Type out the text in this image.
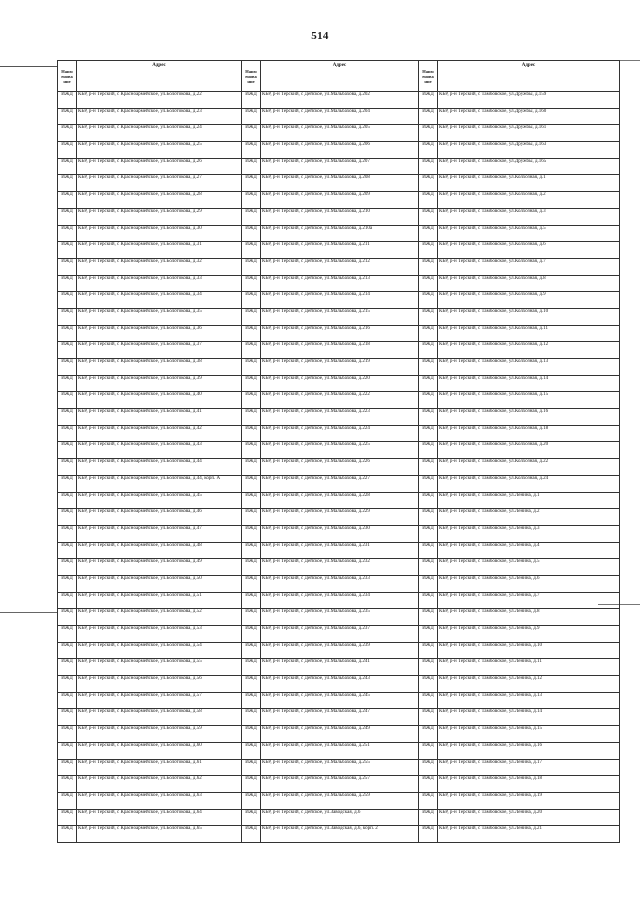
514
Наим енова ние	Адрес	Наим енова ние	Адрес	Наим енова ние	Адрес
ИЖД	КБР, р-н Терский, с Красноармейское, ул.Болотокова, д.22	ИЖД	КБР, р-н Терский, с Дейское, ул.Мальбахова, д.202	ИЖД	КБР, р-н Терский, с Тамбовское, ул.Дружбы, д.159
ИЖД	КБР, р-н Терский, с Красноармейское, ул.Болотокова, д.23	ИЖД	КБР, р-н Терский, с Дейское, ул.Мальбахова, д.204	ИЖД	КБР, р-н Терский, с Тамбовское, ул.Дружбы, д.160
ИЖД	КБР, р-н Терский, с Красноармейское, ул.Болотокова, д.24	ИЖД	КБР, р-н Терский, с Дейское, ул.Мальбахова, д.205	ИЖД	КБР, р-н Терский, с Тамбовское, ул.Дружбы, д.161
ИЖД	КБР, р-н Терский, с Красноармейское, ул.Болотокова, д.25	ИЖД	КБР, р-н Терский, с Дейское, ул.Мальбахова, д.206	ИЖД	КБР, р-н Терский, с Тамбовское, ул.Дружбы, д.163
ИЖД	КБР, р-н Терский, с Красноармейское, ул.Болотокова, д.26	ИЖД	КБР, р-н Терский, с Дейское, ул.Мальбахова, д.207	ИЖД	КБР, р-н Терский, с Тамбовское, ул.Дружбы, д.165
ИЖД	КБР, р-н Терский, с Красноармейское, ул.Болотокова, д.27	ИЖД	КБР, р-н Терский, с Дейское, ул.Мальбахова, д.208	ИЖД	КБР, р-н Терский, с Тамбовское, ул.Колхозная, д.1
ИЖД	КБР, р-н Терский, с Красноармейское, ул.Болотокова, д.28	ИЖД	КБР, р-н Терский, с Дейское, ул.Мальбахова, д.209	ИЖД	КБР, р-н Терский, с Тамбовское, ул.Колхозная, д.2
ИЖД	КБР, р-н Терский, с Красноармейское, ул.Болотокова, д.29	ИЖД	КБР, р-н Терский, с Дейское, ул.Мальбахова, д.210	ИЖД	КБР, р-н Терский, с Тамбовское, ул.Колхозная, д.3
ИЖД	КБР, р-н Терский, с Красноармейское, ул.Болотокова, д.30	ИЖД	КБР, р-н Терский, с Дейское, ул.Мальбахова, д.210а	ИЖД	КБР, р-н Терский, с Тамбовское, ул.Колхозная, д.5
ИЖД	КБР, р-н Терский, с Красноармейское, ул.Болотокова, д.31	ИЖД	КБР, р-н Терский, с Дейское, ул.Мальбахова, д.211	ИЖД	КБР, р-н Терский, с Тамбовское, ул.Колхозная, д.6
ИЖД	КБР, р-н Терский, с Красноармейское, ул.Болотокова, д.32	ИЖД	КБР, р-н Терский, с Дейское, ул.Мальбахова, д.212	ИЖД	КБР, р-н Терский, с Тамбовское, ул.Колхозная, д.7
ИЖД	КБР, р-н Терский, с Красноармейское, ул.Болотокова, д.33	ИЖД	КБР, р-н Терский, с Дейское, ул.Мальбахова, д.213	ИЖД	КБР, р-н Терский, с Тамбовское, ул.Колхозная, д.8
ИЖД	КБР, р-н Терский, с Красноармейское, ул.Болотокова, д.34	ИЖД	КБР, р-н Терский, с Дейское, ул.Мальбахова, д.214	ИЖД	КБР, р-н Терский, с Тамбовское, ул.Колхозная, д.9
ИЖД	КБР, р-н Терский, с Красноармейское, ул.Болотокова, д.35	ИЖД	КБР, р-н Терский, с Дейское, ул.Мальбахова, д.215	ИЖД	КБР, р-н Терский, с Тамбовское, ул.Колхозная, д.10
ИЖД	КБР, р-н Терский, с Красноармейское, ул.Болотокова, д.36	ИЖД	КБР, р-н Терский, с Дейское, ул.Мальбахова, д.216	ИЖД	КБР, р-н Терский, с Тамбовское, ул.Колхозная, д.11
ИЖД	КБР, р-н Терский, с Красноармейское, ул.Болотокова, д.37	ИЖД	КБР, р-н Терский, с Дейское, ул.Мальбахова, д.218	ИЖД	КБР, р-н Терский, с Тамбовское, ул.Колхозная, д.12
ИЖД	КБР, р-н Терский, с Красноармейское, ул.Болотокова, д.38	ИЖД	КБР, р-н Терский, с Дейское, ул.Мальбахова, д.219	ИЖД	КБР, р-н Терский, с Тамбовское, ул.Колхозная, д.13
ИЖД	КБР, р-н Терский, с Красноармейское, ул.Болотокова, д.39	ИЖД	КБР, р-н Терский, с Дейское, ул.Мальбахова, д.220	ИЖД	КБР, р-н Терский, с Тамбовское, ул.Колхозная, д.14
ИЖД	КБР, р-н Терский, с Красноармейское, ул.Болотокова, д.40	ИЖД	КБР, р-н Терский, с Дейское, ул.Мальбахова, д.222	ИЖД	КБР, р-н Терский, с Тамбовское, ул.Колхозная, д.15
ИЖД	КБР, р-н Терский, с Красноармейское, ул.Болотокова, д.41	ИЖД	КБР, р-н Терский, с Дейское, ул.Мальбахова, д.223	ИЖД	КБР, р-н Терский, с Тамбовское, ул.Колхозная, д.16
ИЖД	КБР, р-н Терский, с Красноармейское, ул.Болотокова, д.42	ИЖД	КБР, р-н Терский, с Дейское, ул.Мальбахова, д.224	ИЖД	КБР, р-н Терский, с Тамбовское, ул.Колхозная, д.18
ИЖД	КБР, р-н Терский, с Красноармейское, ул.Болотокова, д.43	ИЖД	КБР, р-н Терский, с Дейское, ул.Мальбахова, д.225	ИЖД	КБР, р-н Терский, с Тамбовское, ул.Колхозная, д.20
ИЖД	КБР, р-н Терский, с Красноармейское, ул.Болотокова, д.44	ИЖД	КБР, р-н Терский, с Дейское, ул.Мальбахова, д.226	ИЖД	КБР, р-н Терский, с Тамбовское, ул.Колхозная, д.22
ИЖД	КБР, р-н Терский, с Красноармейское, ул.Болотокова, д.44, корп. А	ИЖД	КБР, р-н Терский, с Дейское, ул.Мальбахова, д.227	ИЖД	КБР, р-н Терский, с Тамбовское, ул.Колхозная, д.24
ИЖД	КБР, р-н Терский, с Красноармейское, ул.Болотокова, д.45	ИЖД	КБР, р-н Терский, с Дейское, ул.Мальбахова, д.228	ИЖД	КБР, р-н Терский, с Тамбовское, ул.Ленина, д.1
ИЖД	КБР, р-н Терский, с Красноармейское, ул.Болотокова, д.46	ИЖД	КБР, р-н Терский, с Дейское, ул.Мальбахова, д.229	ИЖД	КБР, р-н Терский, с Тамбовское, ул.Ленина, д.2
ИЖД	КБР, р-н Терский, с Красноармейское, ул.Болотокова, д.47	ИЖД	КБР, р-н Терский, с Дейское, ул.Мальбахова, д.230	ИЖД	КБР, р-н Терский, с Тамбовское, ул.Ленина, д.3
ИЖД	КБР, р-н Терский, с Красноармейское, ул.Болотокова, д.48	ИЖД	КБР, р-н Терский, с Дейское, ул.Мальбахова, д.231	ИЖД	КБР, р-н Терский, с Тамбовское, ул.Ленина, д.4
ИЖД	КБР, р-н Терский, с Красноармейское, ул.Болотокова, д.49	ИЖД	КБР, р-н Терский, с Дейское, ул.Мальбахова, д.232	ИЖД	КБР, р-н Терский, с Тамбовское, ул.Ленина, д.5
ИЖД	КБР, р-н Терский, с Красноармейское, ул.Болотокова, д.50	ИЖД	КБР, р-н Терский, с Дейское, ул.Мальбахова, д.233	ИЖД	КБР, р-н Терский, с Тамбовское, ул.Ленина, д.6
ИЖД	КБР, р-н Терский, с Красноармейское, ул.Болотокова, д.51	ИЖД	КБР, р-н Терский, с Дейское, ул.Мальбахова, д.234	ИЖД	КБР, р-н Терский, с Тамбовское, ул.Ленина, д.7
ИЖД	КБР, р-н Терский, с Красноармейское, ул.Болотокова, д.52	ИЖД	КБР, р-н Терский, с Дейское, ул.Мальбахова, д.235	ИЖД	КБР, р-н Терский, с Тамбовское, ул.Ленина, д.8
ИЖД	КБР, р-н Терский, с Красноармейское, ул.Болотокова, д.53	ИЖД	КБР, р-н Терский, с Дейское, ул.Мальбахова, д.237	ИЖД	КБР, р-н Терский, с Тамбовское, ул.Ленина, д.9
ИЖД	КБР, р-н Терский, с Красноармейское, ул.Болотокова, д.54	ИЖД	КБР, р-н Терский, с Дейское, ул.Мальбахова, д.239	ИЖД	КБР, р-н Терский, с Тамбовское, ул.Ленина, д.10
ИЖД	КБР, р-н Терский, с Красноармейское, ул.Болотокова, д.55	ИЖД	КБР, р-н Терский, с Дейское, ул.Мальбахова, д.241	ИЖД	КБР, р-н Терский, с Тамбовское, ул.Ленина, д.11
ИЖД	КБР, р-н Терский, с Красноармейское, ул.Болотокова, д.56	ИЖД	КБР, р-н Терский, с Дейское, ул.Мальбахова, д.243	ИЖД	КБР, р-н Терский, с Тамбовское, ул.Ленина, д.12
ИЖД	КБР, р-н Терский, с Красноармейское, ул.Болотокова, д.57	ИЖД	КБР, р-н Терский, с Дейское, ул.Мальбахова, д.245	ИЖД	КБР, р-н Терский, с Тамбовское, ул.Ленина, д.13
ИЖД	КБР, р-н Терский, с Красноармейское, ул.Болотокова, д.58	ИЖД	КБР, р-н Терский, с Дейское, ул.Мальбахова, д.247	ИЖД	КБР, р-н Терский, с Тамбовское, ул.Ленина, д.14
ИЖД	КБР, р-н Терский, с Красноармейское, ул.Болотокова, д.59	ИЖД	КБР, р-н Терский, с Дейское, ул.Мальбахова, д.249	ИЖД	КБР, р-н Терский, с Тамбовское, ул.Ленина, д.15
ИЖД	КБР, р-н Терский, с Красноармейское, ул.Болотокова, д.60	ИЖД	КБР, р-н Терский, с Дейское, ул.Мальбахова, д.251	ИЖД	КБР, р-н Терский, с Тамбовское, ул.Ленина, д.16
ИЖД	КБР, р-н Терский, с Красноармейское, ул.Болотокова, д.61	ИЖД	КБР, р-н Терский, с Дейское, ул.Мальбахова, д.255	ИЖД	КБР, р-н Терский, с Тамбовское, ул.Ленина, д.17
ИЖД	КБР, р-н Терский, с Красноармейское, ул.Болотокова, д.62	ИЖД	КБР, р-н Терский, с Дейское, ул.Мальбахова, д.257	ИЖД	КБР, р-н Терский, с Тамбовское, ул.Ленина, д.18
ИЖД	КБР, р-н Терский, с Красноармейское, ул.Болотокова, д.63	ИЖД	КБР, р-н Терский, с Дейское, ул.Мальбахова, д.259	ИЖД	КБР, р-н Терский, с Тамбовское, ул.Ленина, д.19
ИЖД	КБР, р-н Терский, с Красноармейское, ул.Болотокова, д.64	ИЖД	КБР, р-н Терский, с Дейское, ул.Заводская, д.6	ИЖД	КБР, р-н Терский, с Тамбовское, ул.Ленина, д.20
ИЖД	КБР, р-н Терский, с Красноармейское, ул.Болотокова, д.65	ИЖД	КБР, р-н Терский, с Дейское, ул.Заводская, д.6, корп. 2	ИЖД	КБР, р-н Терский, с Тамбовское, ул.Ленина, д.21
